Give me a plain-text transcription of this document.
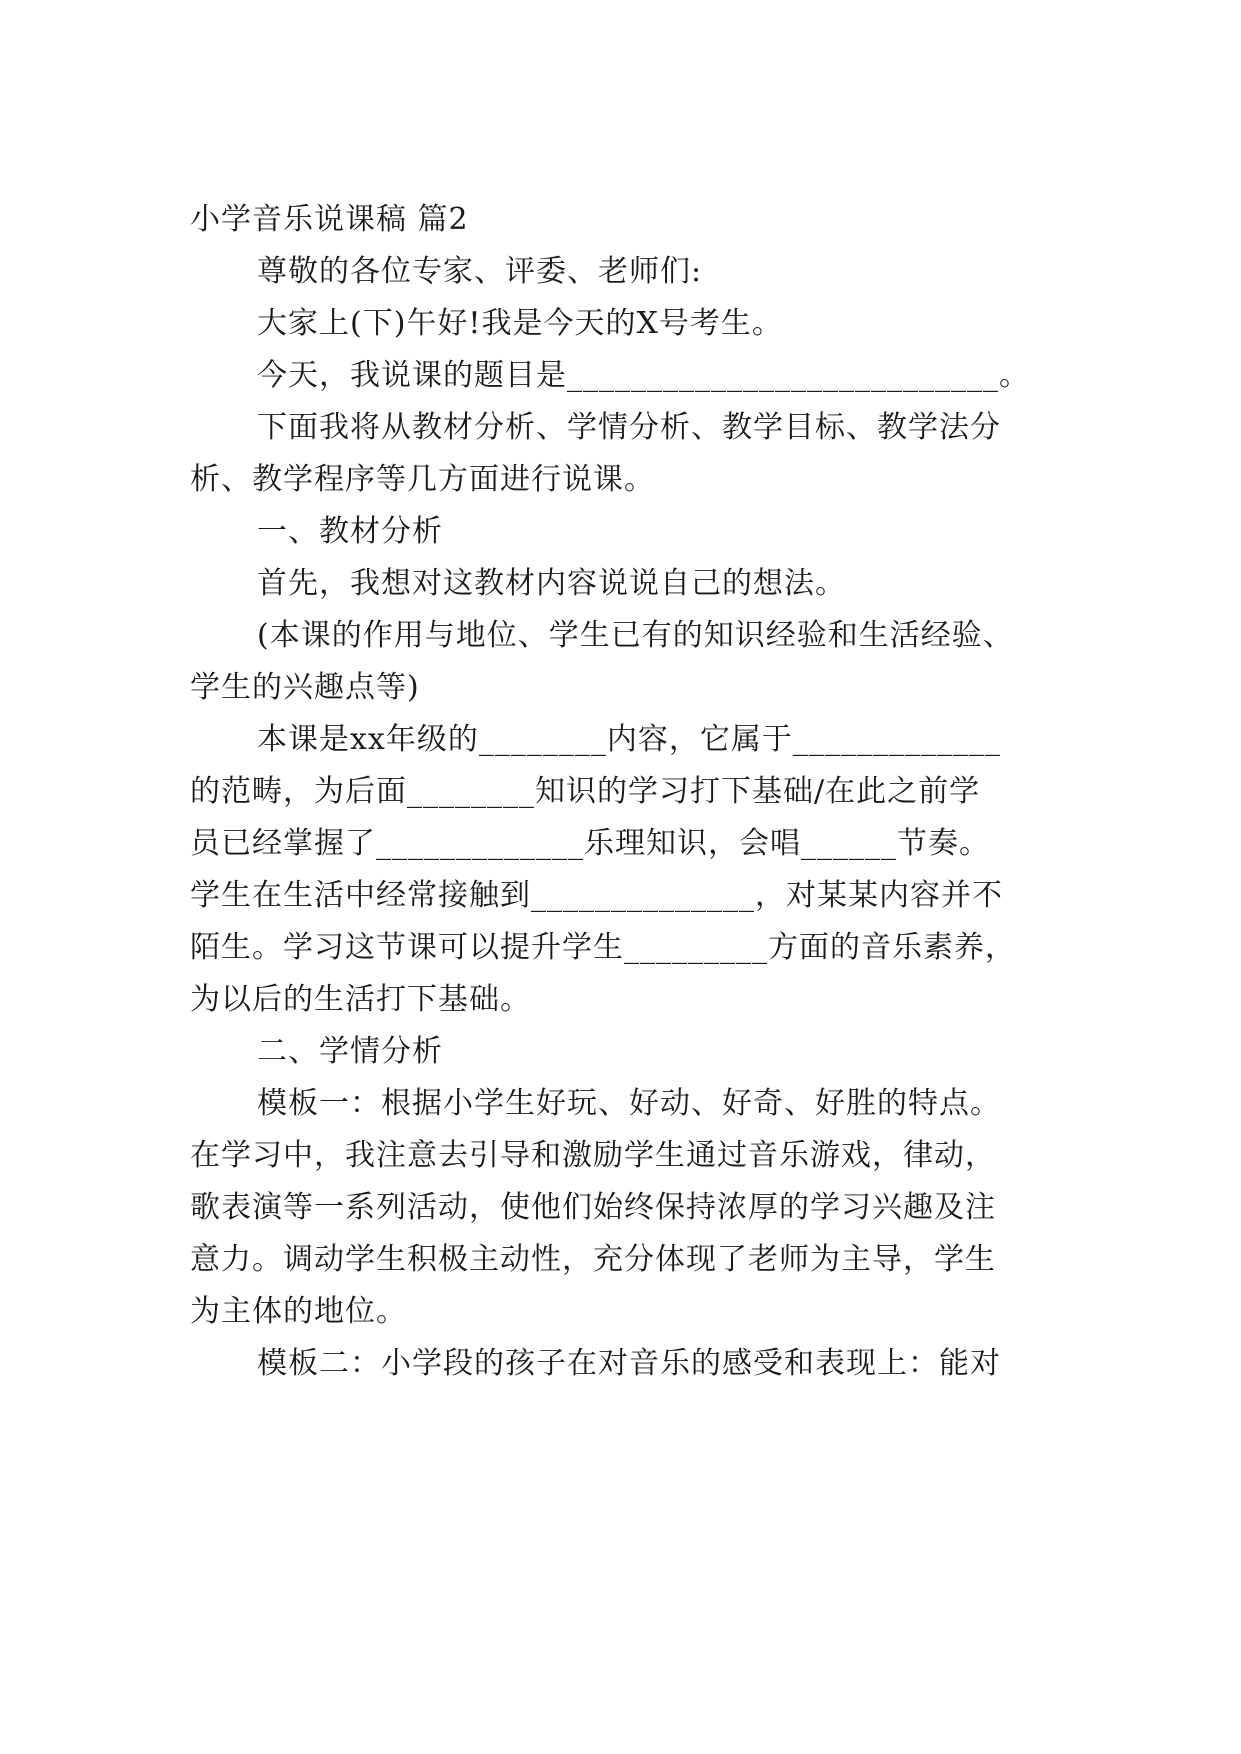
小学音乐说课稿 篇2
尊敬的各位专家、评委、老师们:
大家上(下)午好!我是今天的X号考生。
今天，我说课的题目是___________________________。
下面我将从教材分析、学情分析、教学目标、教学法分
析、教学程序等几方面进行说课。
一、教材分析
首先，我想对这教材内容说说自己的想法。
(本课的作用与地位、学生已有的知识经验和生活经验、
学生的兴趣点等)
本课是xx年级的________内容，它属于_____________
的范畴，为后面________知识的学习打下基础/在此之前学
员已经掌握了_____________乐理知识，会唱______节奏。
学生在生活中经常接触到______________，对某某内容并不
陌生。学习这节课可以提升学生_________方面的音乐素养，
为以后的生活打下基础。
二、学情分析
模板一：根据小学生好玩、好动、好奇、好胜的特点。
在学习中，我注意去引导和激励学生通过音乐游戏，律动，
歌表演等一系列活动，使他们始终保持浓厚的学习兴趣及注
意力。调动学生积极主动性，充分体现了老师为主导，学生
为主体的地位。
模板二：小学段的孩子在对音乐的感受和表现上：能对
